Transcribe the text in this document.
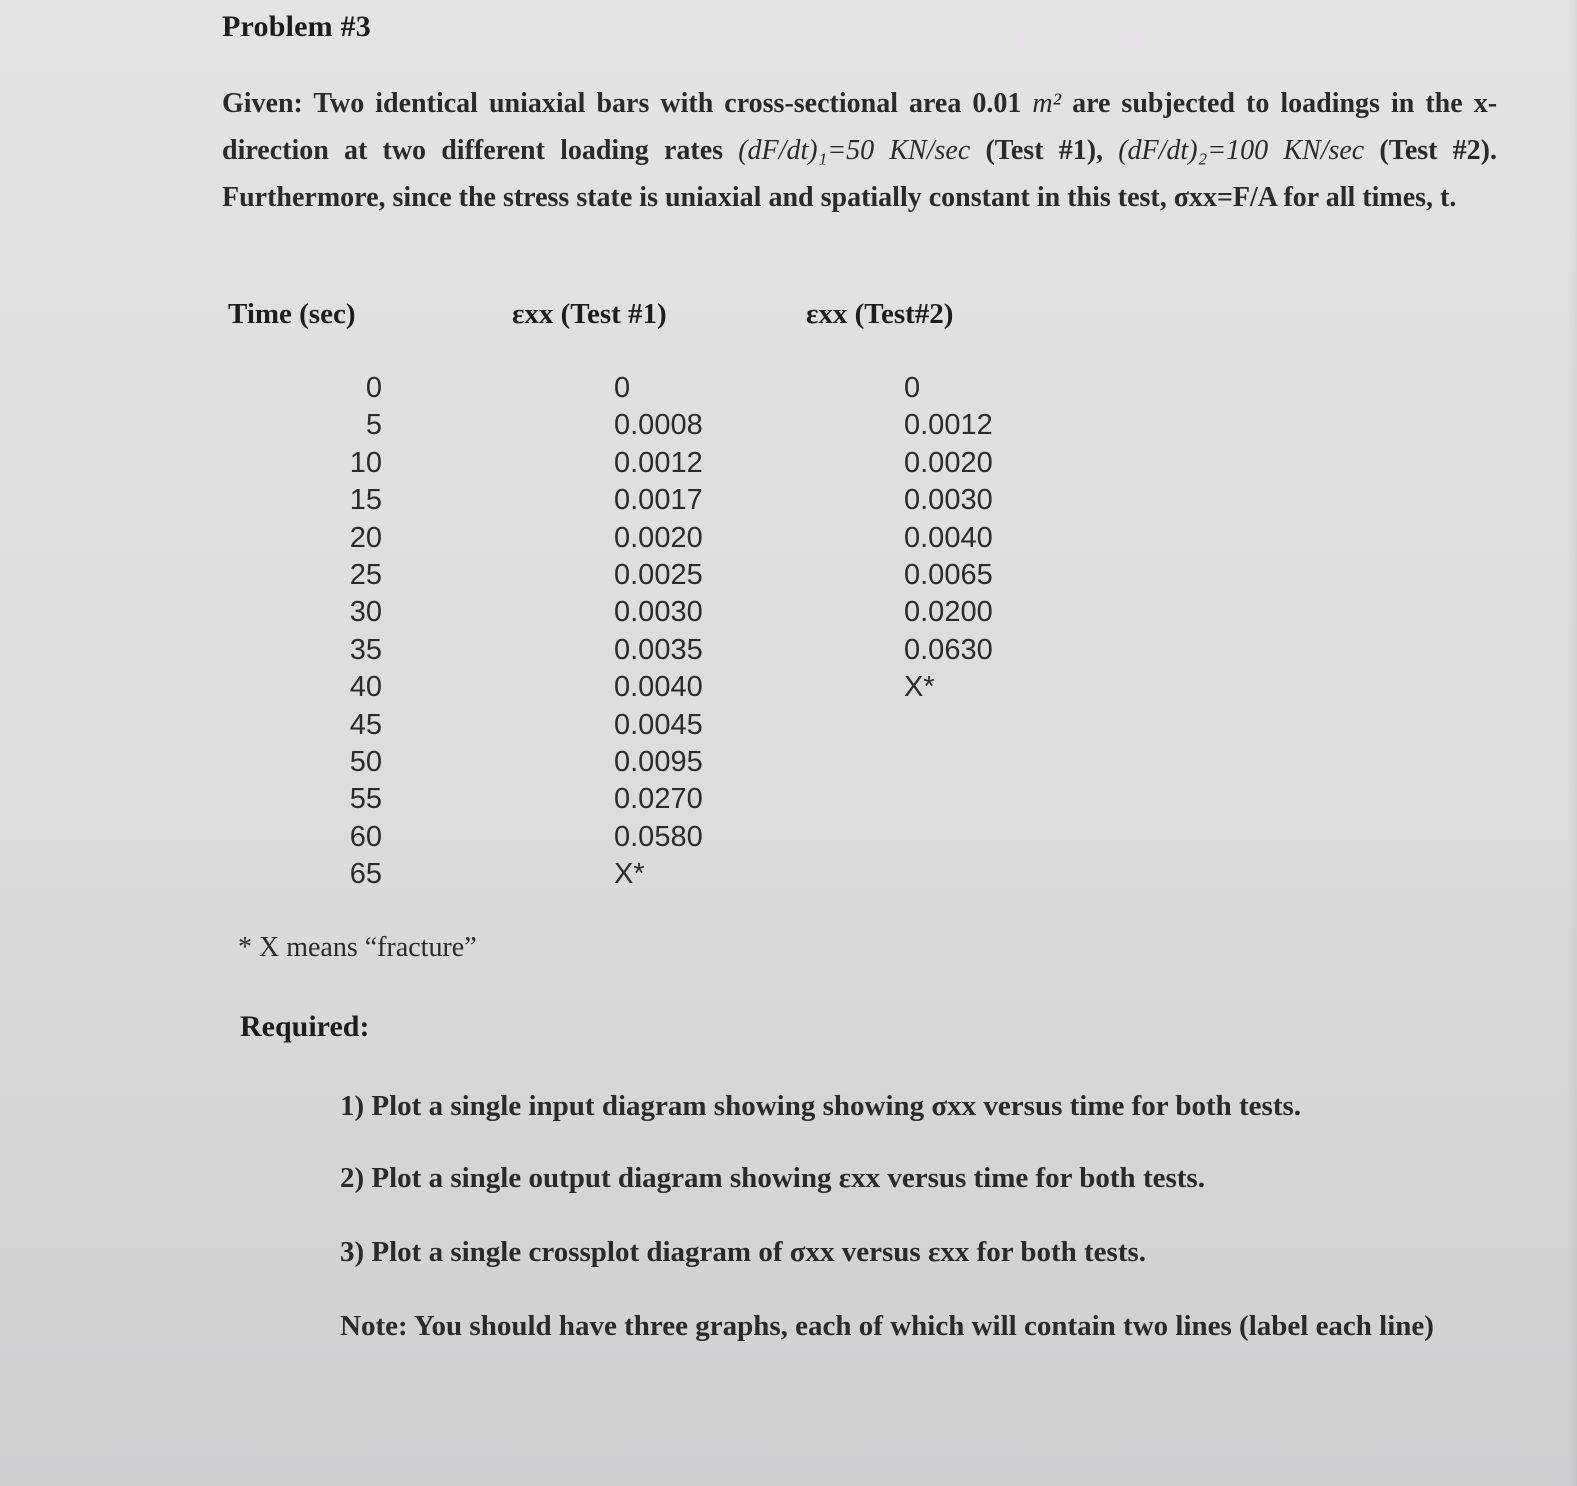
Problem #3
Given: Two identical uniaxial bars with cross-sectional area 0.01 m² are subjected to loadings in the x-direction at two different loading rates (dF/dt)₁=50 KN/sec (Test #1), (dF/dt)₂=100 KN/sec (Test #2). Furthermore, since the stress state is uniaxial and spatially constant in this test, σxx=F/A for all times, t.
Time (sec)	εxx (Test #1)	εxx (Test#2)
0
5
10
15
20
25
30
35
40
45
50
55
60
65
0
0.0008
0.0012
0.0017
0.0020
0.0025
0.0030
0.0035
0.0040
0.0045
0.0095
0.0270
0.0580
X*
0
0.0012
0.0020
0.0030
0.0040
0.0065
0.0200
0.0630
X*
* X means “fracture”
Required:
1) Plot a single input diagram showing showing σxx versus time for both tests.
2) Plot a single output diagram showing εxx versus time for both tests.
3) Plot a single crossplot diagram of σxx versus εxx for both tests.
Note: You should have three graphs, each of which will contain two lines (label each line)
